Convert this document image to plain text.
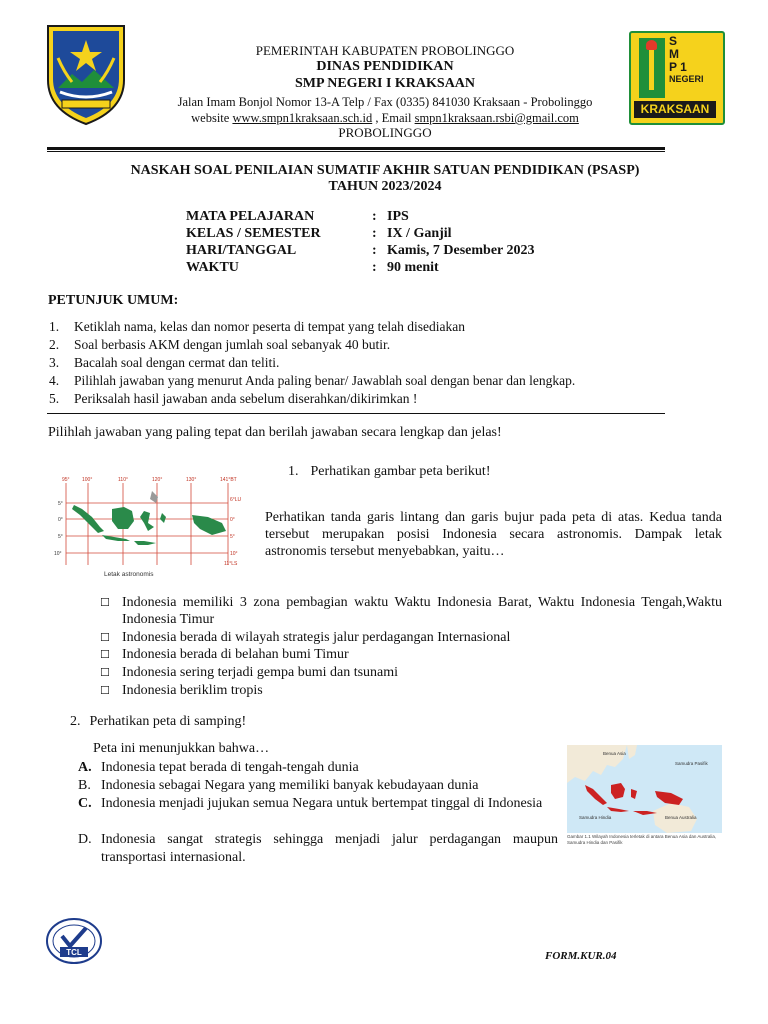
PEMERINTAH KABUPATEN PROBOLINGGO
DINAS PENDIDIKAN
SMP NEGERI I KRAKSAAN
Jalan Imam Bonjol Nomor 13-A Telp / Fax (0335) 841030 Kraksaan - Probolinggo
website www.smpn1kraksaan.sch.id , Email smpn1kraksaan.rsbi@gmail.com
PROBOLINGGO
S
M
P 1
NEGERI
KRAKSAAN
NASKAH SOAL PENILAIAN SUMATIF AKHIR SATUAN PENDIDIKAN (PSASP)
TAHUN 2023/2024
MATA PELAJARAN	: IPS
KELAS / SEMESTER	: IX / Ganjil
HARI/TANGGAL	: Kamis, 7 Desember 2023
WAKTU	: 90 menit
PETUNJUK UMUM:
1. Ketiklah nama, kelas dan nomor peserta di tempat yang telah disediakan
2. Soal berbasis AKM dengan jumlah soal sebanyak 40 butir.
3. Bacalah soal dengan cermat dan teliti.
4. Pilihlah jawaban yang menurut Anda paling benar/ Jawablah soal dengan benar dan lengkap.
5. Periksalah hasil jawaban anda sebelum diserahkan/dikirimkan !
Pilihlah jawaban yang paling tepat dan berilah jawaban secara lengkap dan jelas!
95° 100°	110°	120°	130°	141°BT
6°LU
0°
5°
10°
11°LS
5°
0°
5°
10°
Letak astronomis
1. Perhatikan gambar peta berikut!
Perhatikan tanda garis lintang dan garis bujur pada peta di atas. Kedua tanda tersebut merupakan posisi Indonesia secara astronomis. Dampak letak astronomis tersebut menyebabkan, yaitu…
☐ Indonesia memiliki 3 zona pembagian waktu Waktu Indonesia Barat, Waktu Indonesia Tengah,Waktu Indonesia Timur
☐ Indonesia berada di wilayah strategis jalur perdagangan Internasional
☐ Indonesia berada di belahan bumi Timur
☐ Indonesia sering terjadi gempa bumi dan tsunami
☐ Indonesia beriklim tropis
2. Perhatikan peta di samping!
Peta ini menunjukkan bahwa…
A. Indonesia tepat berada di tengah-tengah dunia
B. Indonesia sebagai Negara yang memiliki banyak kebudayaan dunia
C. Indonesia menjadi jujukan semua Negara untuk bertempat tinggal di Indonesia
D. Indonesia sangat strategis sehingga menjadi jalur perdagangan maupun transportasi internasional.
Benua Asia
Samudra Pasifik
Samudra Hindia	Benua Australia
Gambar 1.1 Wilayah Indonesia terletak di antara Benua Asia dan Australia, Samudra Hindia dan Pasifik
TCL	FORM.KUR.04
